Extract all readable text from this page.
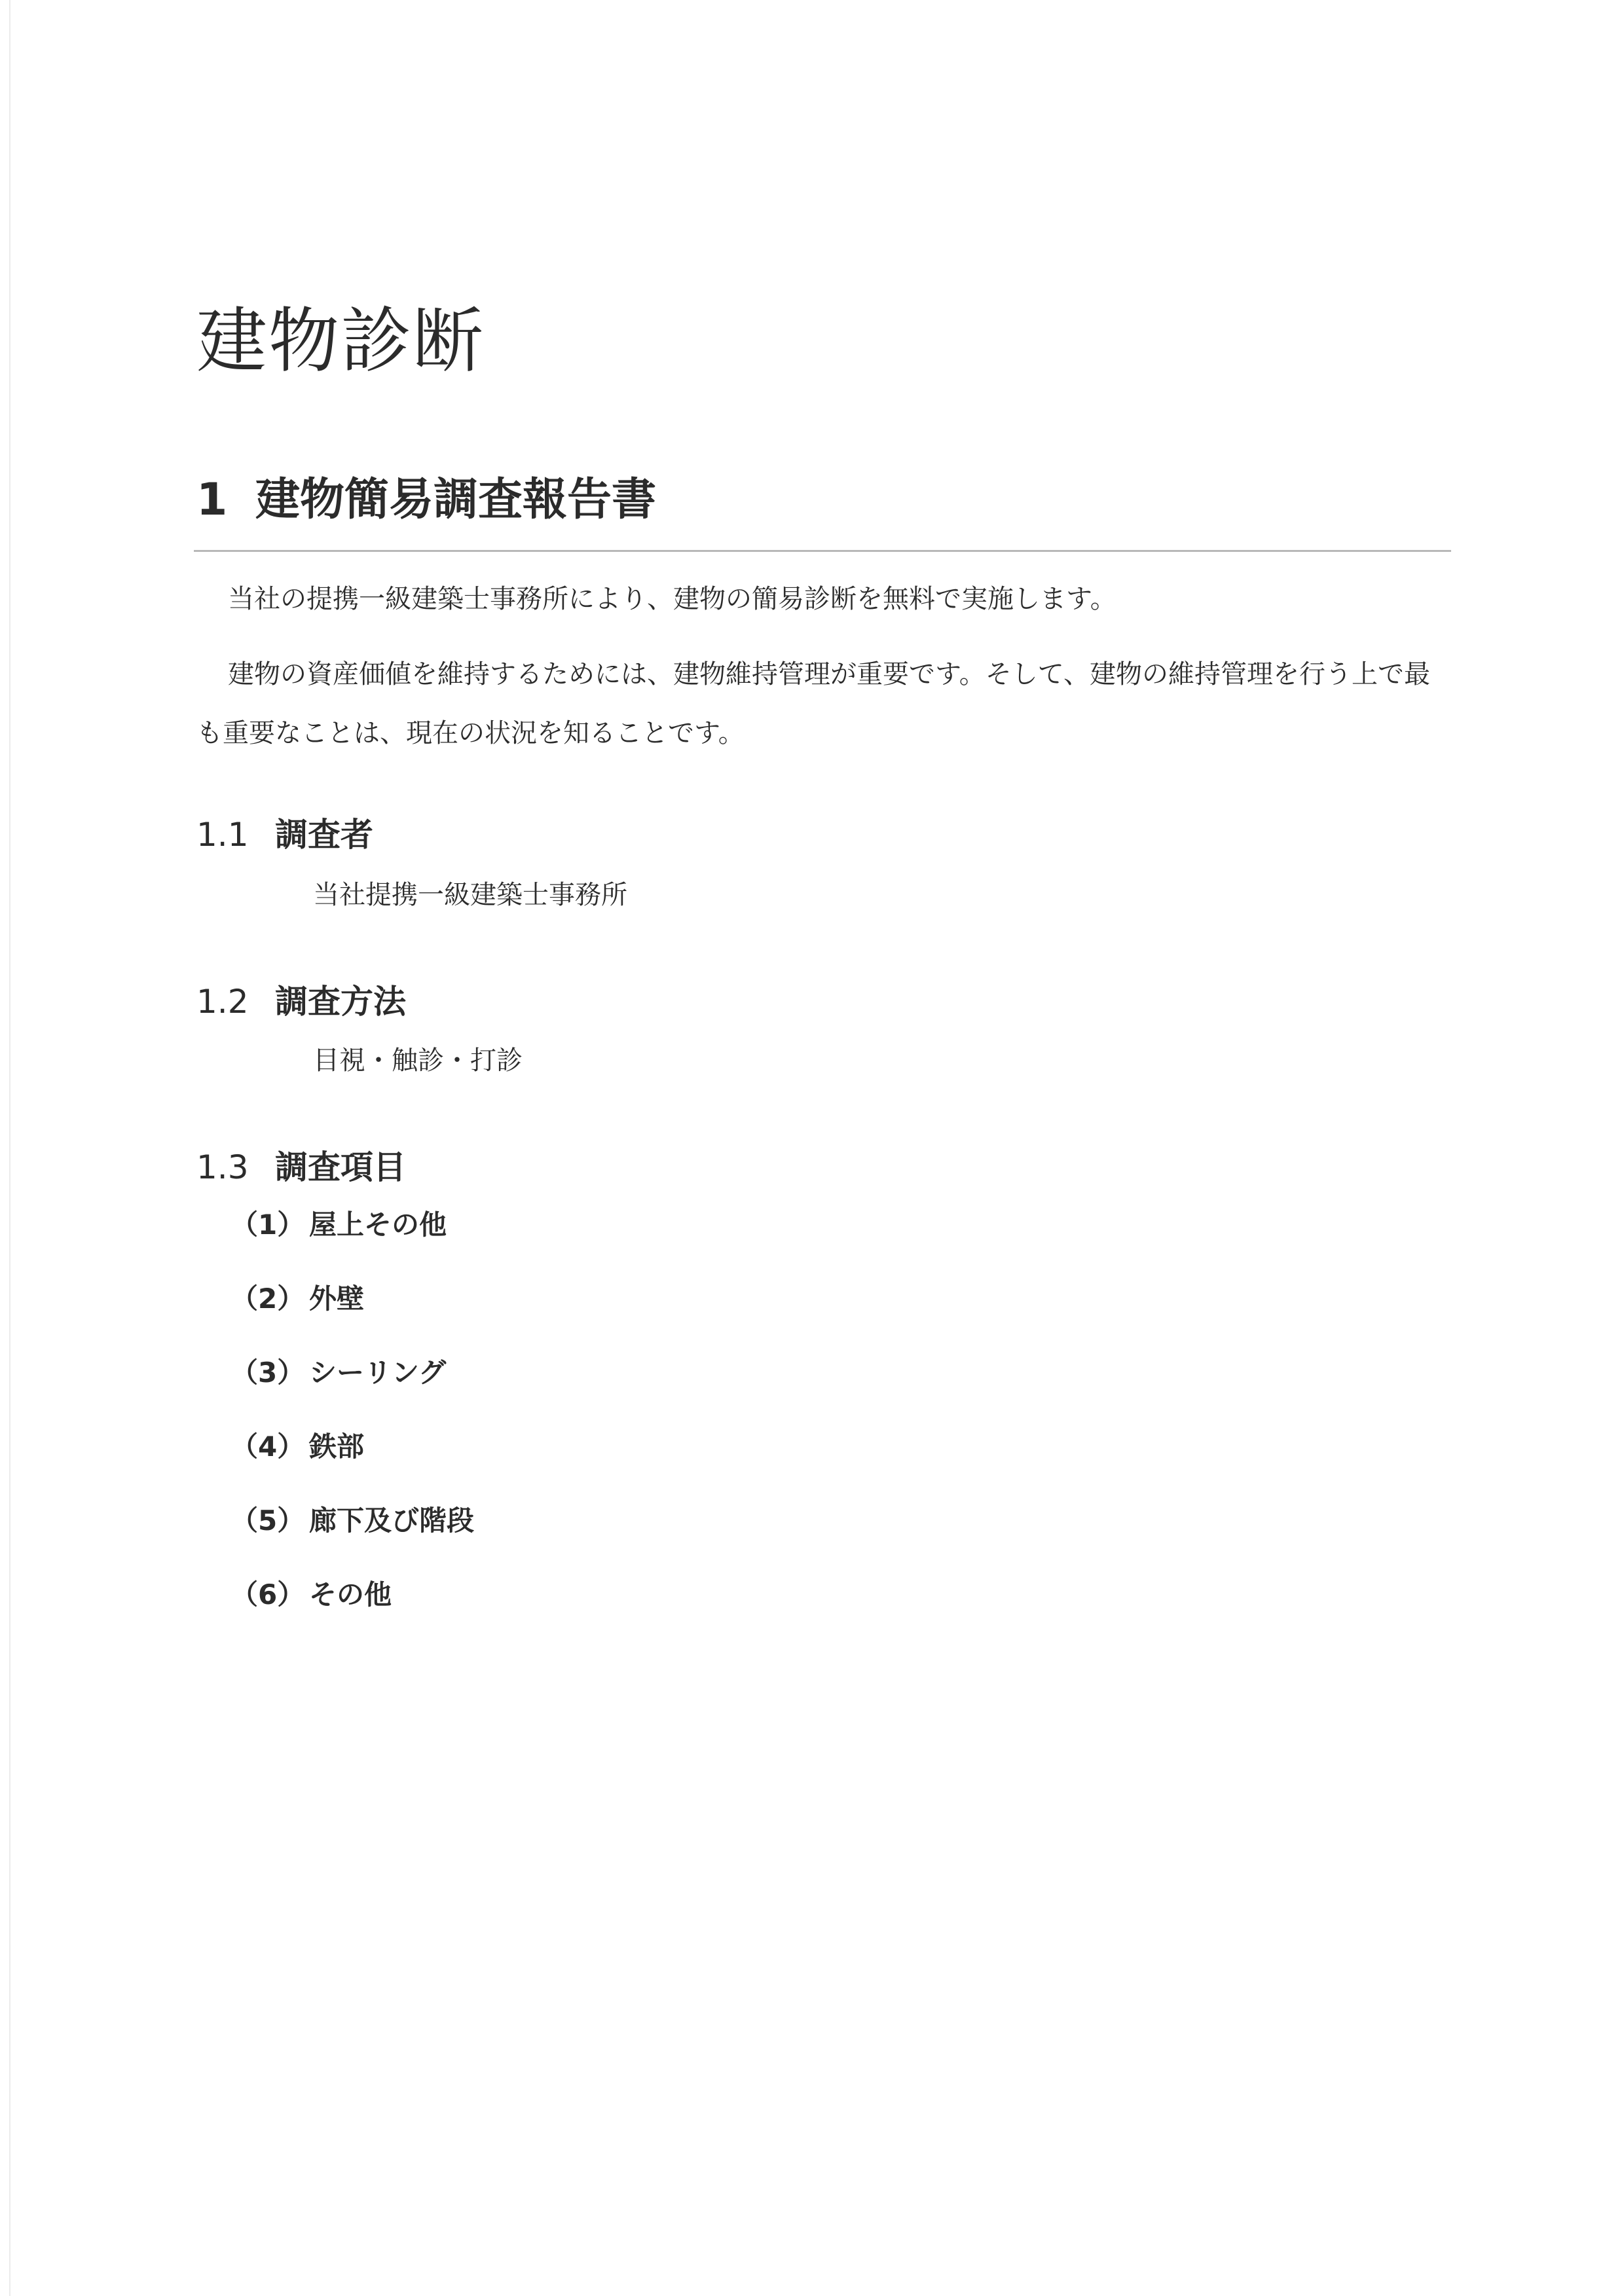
建物診断
1 建物簡易調査報告書

当社の提携一級建築士事務所により、建物の簡易診断を無料で実施します。

建物の資産価値を維持するためには、建物維持管理が重要です。そして、建物の維持管理を行う上で最も重要なことは、現在の状況を知ることです。

1.1 調査者
当社提携一級建築士事務所
1.2 調査方法
目視・触診・打診
1.3 調査項目
（1） 屋上その他
（2） 外壁
（3） シーリング
（4） 鉄部
（5） 廊下及び階段
（6） その他
